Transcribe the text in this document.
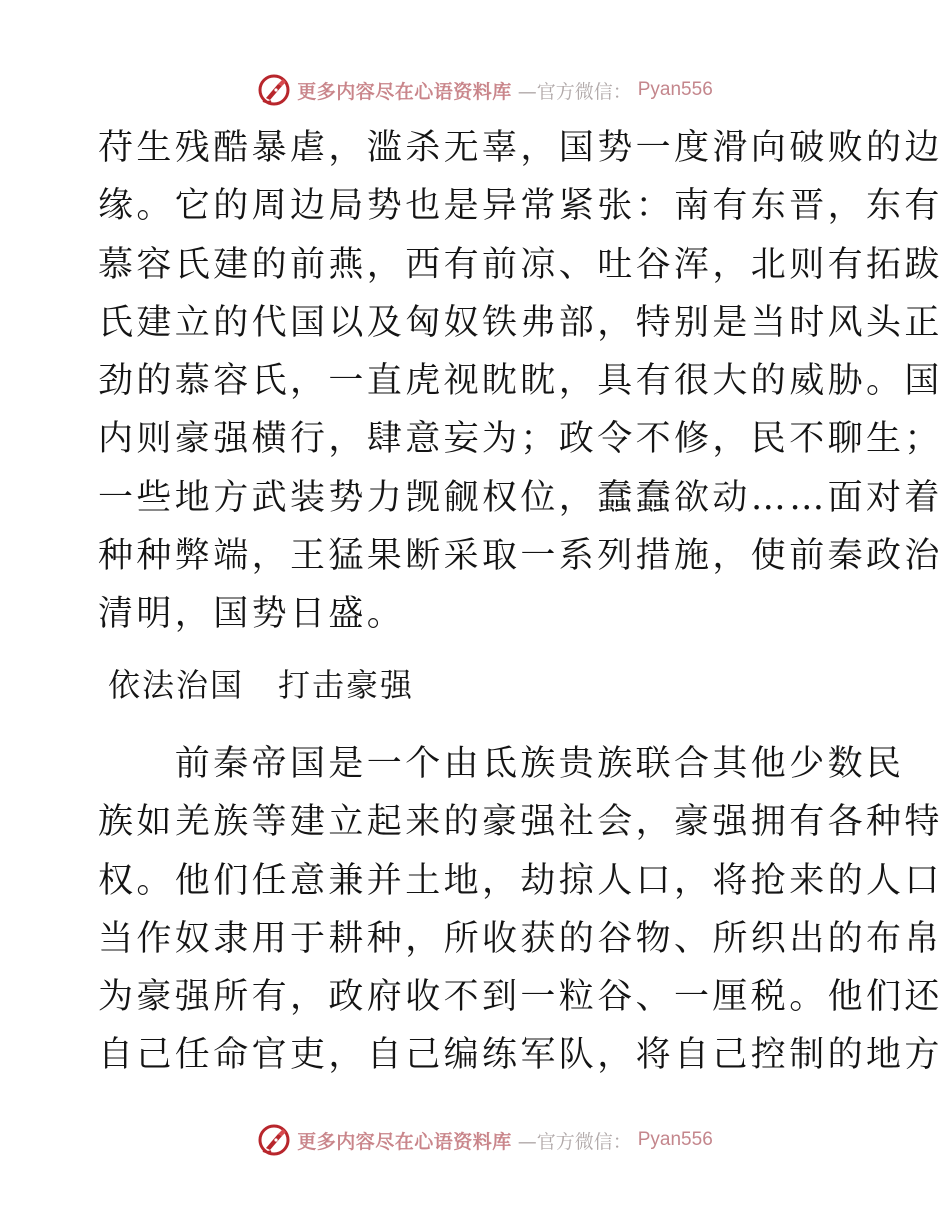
更多内容尽在心语资料库 —官方微信： Pyan556
苻生残酷暴虐，滥杀无辜，国势一度滑向破败的边
缘。它的周边局势也是异常紧张：南有东晋，东有
慕容氏建的前燕，西有前凉、吐谷浑，北则有拓跋
氏建立的代国以及匈奴铁弗部，特别是当时风头正
劲的慕容氏，一直虎视眈眈，具有很大的威胁。国
内则豪强横行，肆意妄为；政令不修，民不聊生；
一些地方武装势力觊觎权位，蠢蠢欲动……面对着
种种弊端，王猛果断采取一系列措施，使前秦政治
清明，国势日盛。
依法治国　打击豪强
　　前秦帝国是一个由氐族贵族联合其他少数民
族如羌族等建立起来的豪强社会，豪强拥有各种特
权。他们任意兼并土地，劫掠人口，将抢来的人口
当作奴隶用于耕种，所收获的谷物、所织出的布帛
为豪强所有，政府收不到一粒谷、一厘税。他们还
自己任命官吏，自己编练军队，将自己控制的地方
更多内容尽在心语资料库 —官方微信： Pyan556
